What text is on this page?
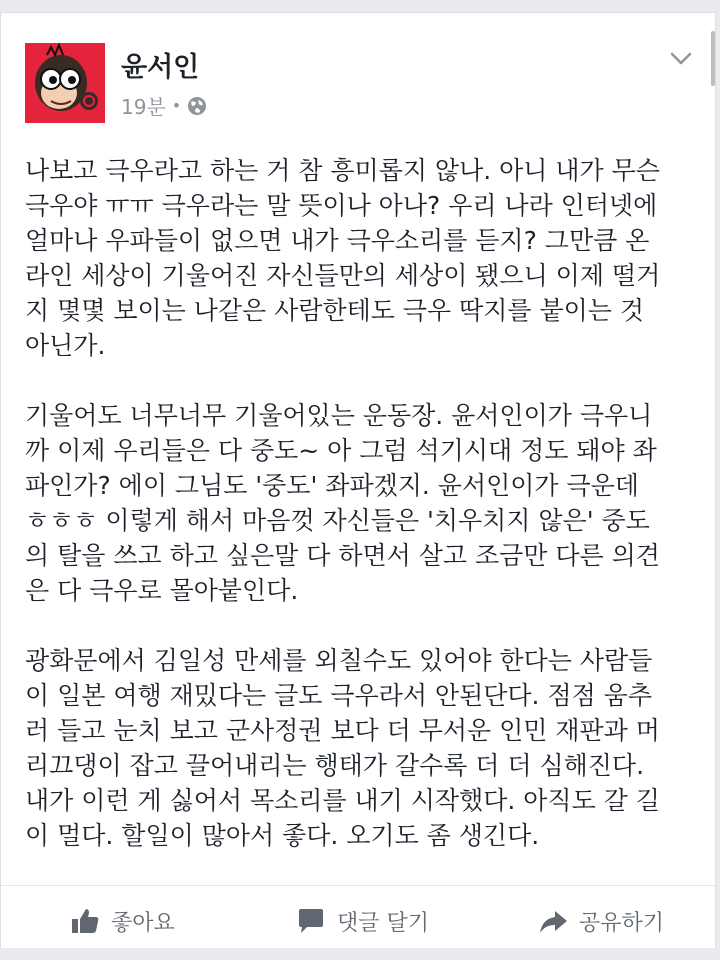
윤서인
19분 •

나보고 극우라고 하는 거 참 흥미롭지 않나. 아니 내가 무슨
극우야 ㅠㅠ 극우라는 말 뜻이나 아나? 우리 나라 인터넷에
얼마나 우파들이 없으면 내가 극우소리를 듣지? 그만큼 온
라인 세상이 기울어진 자신들만의 세상이 됐으니 이제 떨거
지 몇몇 보이는 나같은 사람한테도 극우 딱지를 붙이는 것
아닌가.

기울어도 너무너무 기울어있는 운동장. 윤서인이가 극우니
까 이제 우리들은 다 중도~ 아 그럼 석기시대 정도 돼야 좌
파인가? 에이 그님도 '중도' 좌파겠지. 윤서인이가 극운데
ㅎㅎㅎ 이렇게 해서 마음껏 자신들은 '치우치지 않은' 중도
의 탈을 쓰고 하고 싶은말 다 하면서 살고 조금만 다른 의견
은 다 극우로 몰아붙인다.

광화문에서 김일성 만세를 외칠수도 있어야 한다는 사람들
이 일본 여행 재밌다는 글도 극우라서 안된단다. 점점 움추
러 들고 눈치 보고 군사정권 보다 더 무서운 인민 재판과 머
리끄댕이 잡고 끌어내리는 행태가 갈수록 더 더 심해진다.
내가 이런 게 싫어서 목소리를 내기 시작했다. 아직도 갈 길
이 멀다. 할일이 많아서 좋다. 오기도 좀 생긴다.

좋아요	댓글 달기	공유하기
